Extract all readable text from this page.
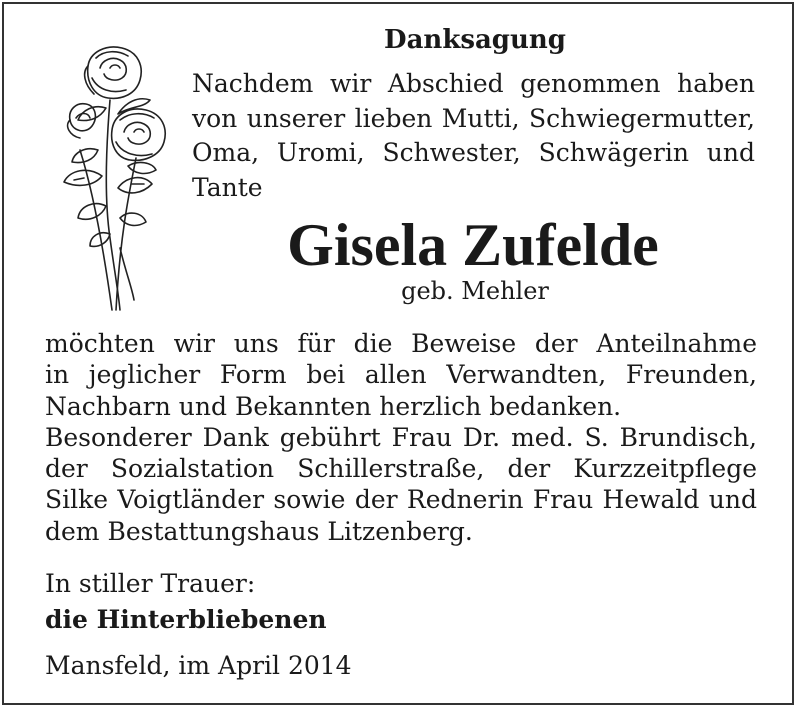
Danksagung
Nachdem wir Abschied genommen haben
von unserer lieben Mutti, Schwiegermutter,
Oma, Uromi, Schwester, Schwägerin und
Tante
Gisela Zufelde
geb. Mehler
möchten wir uns für die Beweise der Anteilnahme
in jeglicher Form bei allen Verwandten, Freunden,
Nachbarn und Bekannten herzlich bedanken.
Besonderer Dank gebührt Frau Dr. med. S. Brundisch,
der Sozialstation Schillerstraße, der Kurzzeitpflege
Silke Voigtländer sowie der Rednerin Frau Hewald und
dem Bestattungshaus Litzenberg.
In stiller Trauer:
die Hinterbliebenen
Mansfeld, im April 2014
